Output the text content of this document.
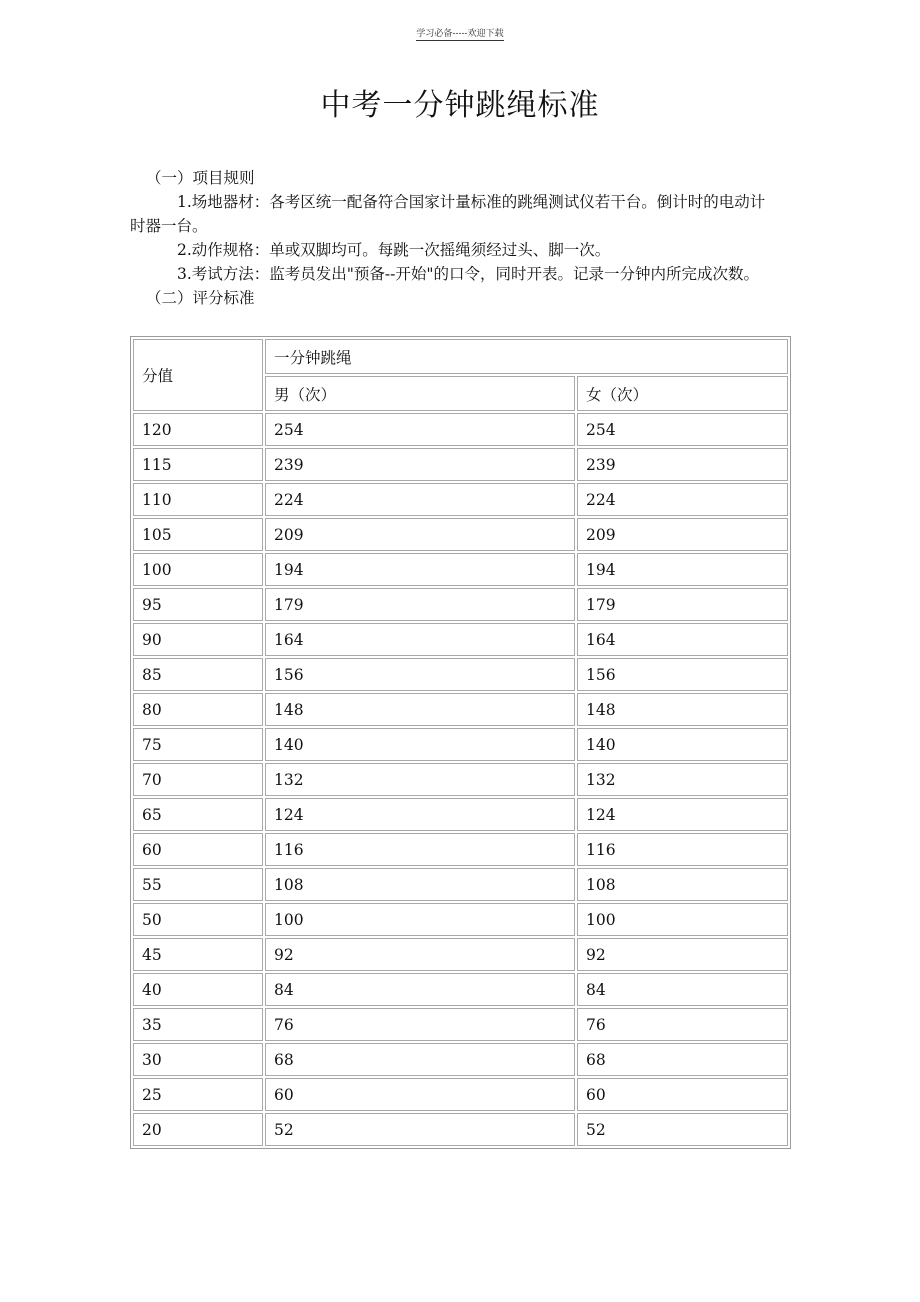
学习必备-----欢迎下载
中考一分钟跳绳标准

（一）项目规则

1.场地器材：各考区统一配备符合国家计量标准的跳绳测试仪若干台。倒计时的电动计时器一台。

2.动作规格：单或双脚均可。每跳一次摇绳须经过头、脚一次。

3.考试方法：监考员发出"预备--开始"的口令，同时开表。记录一分钟内所完成次数。

（二）评分标准

分值	一分钟跳绳	
	男（次）	女（次）
120	254	254
115	239	239
110	224	224
105	209	209
100	194	194
95	179	179
90	164	164
85	156	156
80	148	148
75	140	140
70	132	132
65	124	124
60	116	116
55	108	108
50	100	100
45	92	92
40	84	84
35	76	76
30	68	68
25	60	60
20	52	52
